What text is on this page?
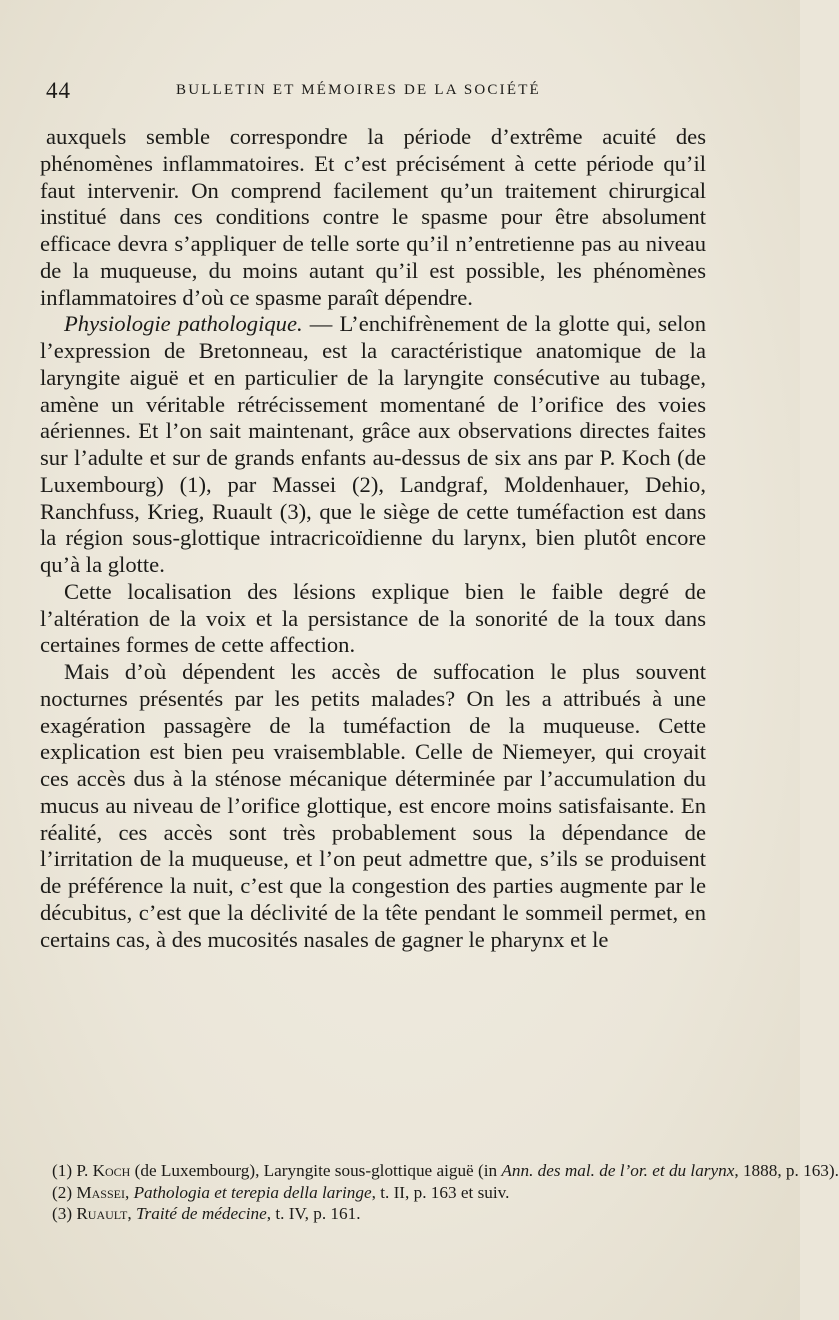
44	BULLETIN ET MÉMOIRES DE LA SOCIÉTÉ

auxquels semble correspondre la période d’extrême acuité des phénomènes inflammatoires. Et c’est précisément à cette période qu’il faut intervenir. On comprend facilement qu’un traitement chirurgical institué dans ces conditions contre le spasme pour être absolument efficace devra s’appliquer de telle sorte qu’il n’entretienne pas au niveau de la muqueuse, du moins autant qu’il est possible, les phénomènes inflammatoires d’où ce spasme paraît dépendre.

Physiologie pathologique. — L’enchifrènement de la glotte qui, selon l’expression de Bretonneau, est la caractéristique anatomique de la laryngite aiguë et en particulier de la laryngite consécutive au tubage, amène un véritable rétrécissement momentané de l’orifice des voies aériennes. Et l’on sait maintenant, grâce aux observations directes faites sur l’adulte et sur de grands enfants au-dessus de six ans par P. Koch (de Luxembourg) (1), par Massei (2), Landgraf, Moldenhauer, Dehio, Ranchfuss, Krieg, Ruault (3), que le siège de cette tuméfaction est dans la région sous-glottique intracricoïdienne du larynx, bien plutôt encore qu’à la glotte.

Cette localisation des lésions explique bien le faible degré de l’altération de la voix et la persistance de la sonorité de la toux dans certaines formes de cette affection.

Mais d’où dépendent les accès de suffocation le plus souvent nocturnes présentés par les petits malades? On les a attribués à une exagération passagère de la tuméfaction de la muqueuse. Cette explication est bien peu vraisemblable. Celle de Niemeyer, qui croyait ces accès dus à la sténose mécanique déterminée par l’accumulation du mucus au niveau de l’orifice glottique, est encore moins satisfaisante. En réalité, ces accès sont très probablement sous la dépendance de l’irritation de la muqueuse, et l’on peut admettre que, s’ils se produisent de préférence la nuit, c’est que la congestion des parties augmente par le décubitus, c’est que la déclivité de la tête pendant le sommeil permet, en certains cas, à des mucosités nasales de gagner le pharynx et le

(1) P. Koch (de Luxembourg), Laryngite sous-glottique aiguë (in Ann. des mal. de l’or. et du larynx, 1888, p. 163).

(2) Massei, Pathologia et terepia della laringe, t. II, p. 163 et suiv.

(3) Ruault, Traité de médecine, t. IV, p. 161.
